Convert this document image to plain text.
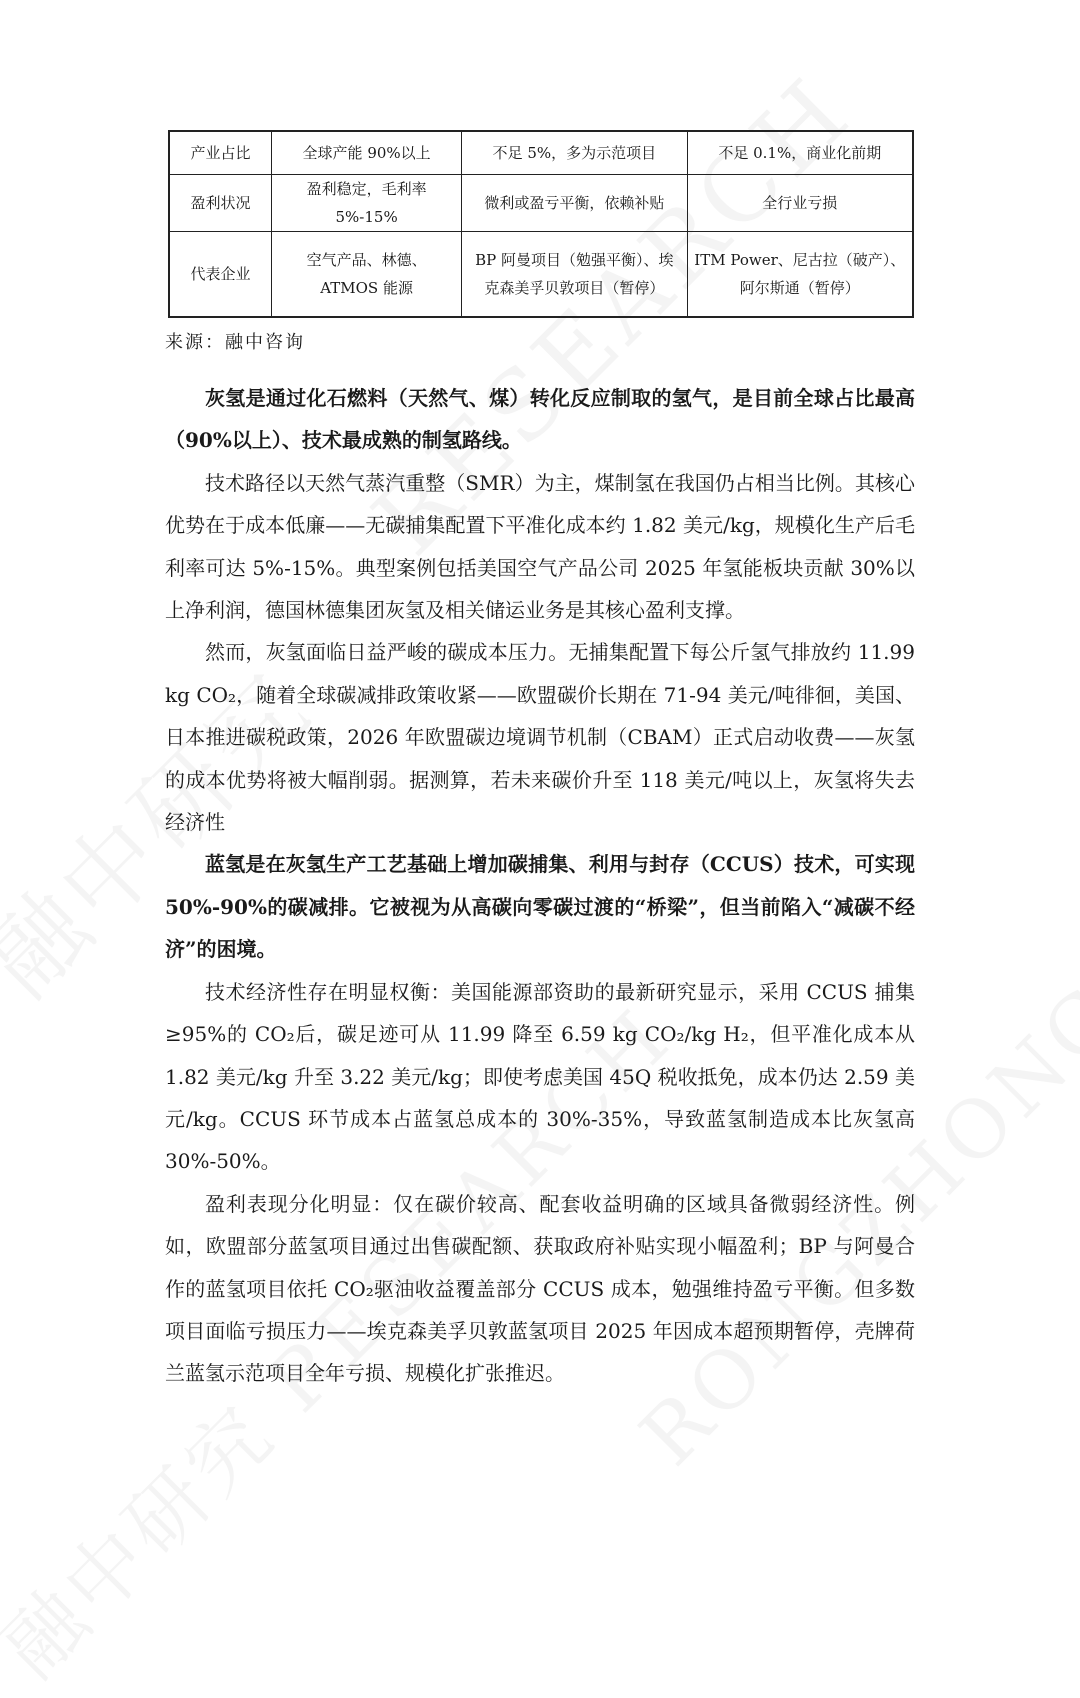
产业占比	全球产能 90%以上	不足 5%，多为示范项目	不足 0.1%，商业化前期
盈利状况	盈利稳定，毛利率 5%-15%	微利或盈亏平衡，依赖补贴	全行业亏损
代表企业	空气产品、林德、ATMOS 能源	BP 阿曼项目（勉强平衡）、埃克森美孚贝敦项目（暂停）	ITM Power、尼古拉（破产）、阿尔斯通（暂停）
来源：融中咨询

灰氢是通过化石燃料（天然气、煤）转化反应制取的氢气，是目前全球占比最高（90%以上）、技术最成熟的制氢路线。

技术路径以天然气蒸汽重整（SMR）为主，煤制氢在我国仍占相当比例。其核心优势在于成本低廉——无碳捕集配置下平准化成本约 1.82 美元/kg，规模化生产后毛利率可达 5%-15%。典型案例包括美国空气产品公司 2025 年氢能板块贡献 30%以上净利润，德国林德集团灰氢及相关储运业务是其核心盈利支撑。

然而，灰氢面临日益严峻的碳成本压力。无捕集配置下每公斤氢气排放约 11.99 kg CO₂，随着全球碳减排政策收紧——欧盟碳价长期在 71-94 美元/吨徘徊，美国、日本推进碳税政策，2026 年欧盟碳边境调节机制（CBAM）正式启动收费——灰氢的成本优势将被大幅削弱。据测算，若未来碳价升至 118 美元/吨以上，灰氢将失去经济性

蓝氢是在灰氢生产工艺基础上增加碳捕集、利用与封存（CCUS）技术，可实现 50%-90%的碳减排。它被视为从高碳向零碳过渡的“桥梁”，但当前陷入“减碳不经济”的困境。

技术经济性存在明显权衡：美国能源部资助的最新研究显示，采用 CCUS 捕集≥95%的 CO₂后，碳足迹可从 11.99 降至 6.59 kg CO₂/kg H₂，但平准化成本从 1.82 美元/kg 升至 3.22 美元/kg；即使考虑美国 45Q 税收抵免，成本仍达 2.59 美元/kg。CCUS 环节成本占蓝氢总成本的 30%-35%，导致蓝氢制造成本比灰氢高 30%-50%。

盈利表现分化明显：仅在碳价较高、配套收益明确的区域具备微弱经济性。例如，欧盟部分蓝氢项目通过出售碳配额、获取政府补贴实现小幅盈利；BP 与阿曼合作的蓝氢项目依托 CO₂驱油收益覆盖部分 CCUS 成本，勉强维持盈亏平衡。但多数项目面临亏损压力——埃克森美孚贝敦蓝氢项目 2025 年因成本超预期暂停，壳牌荷兰蓝氢示范项目全年亏损、规模化扩张推迟。
